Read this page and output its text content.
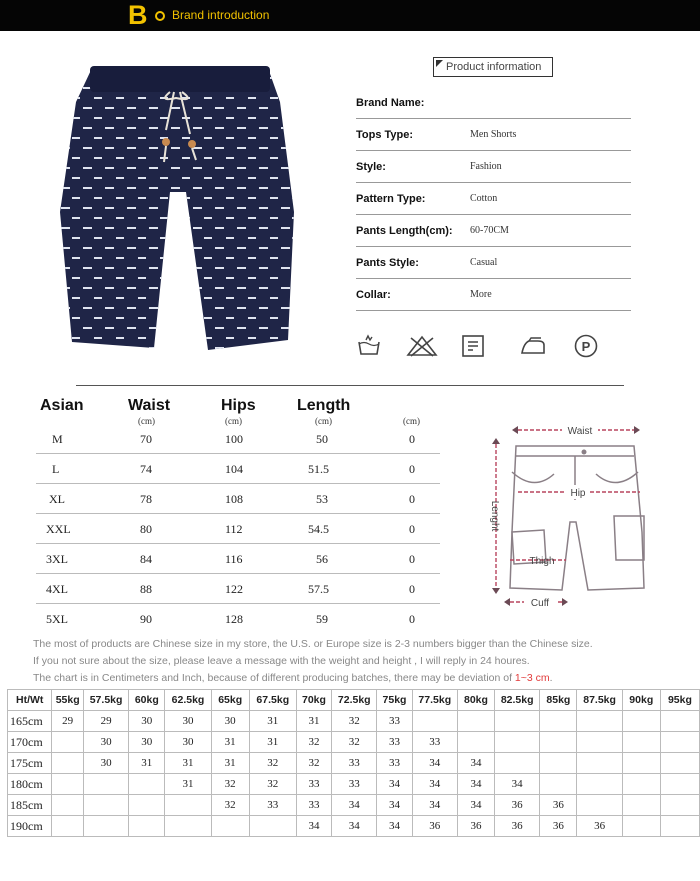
B Brand introduction
Product information
Brand Name:
Tops Type:	Men Shorts
Style:	Fashion
Pattern Type:	Cotton
Pants Length(cm): 60-70CM
Pants Style:	Casual
Collar:	More
P
Asian	Waist	Hips	Length
(cm)	(cm)	(cm)	(cm)
M	70	100	50	0
L	74	104	51.5	0
XL	78	108	53	0
XXL	80	112	54.5	0
3XL	84	116	56	0
4XL	88	122	57.5	0
5XL	90	128	59	0
Waist
Hip
Lenght
Thigh
Cuff
The most of products are Chinese size in my store, the U.S. or Europe size is 2-3 numbers bigger than the Chinese size.
If you not sure about the size, please leave a message with the weight and height , I will reply in 24 houres.
The chart is in Centimeters and Inch, because of different producing batches, there may be deviation of 1~3 cm.
Ht/Wt	55kg	57.5kg	60kg	62.5kg	65kg	67.5kg	70kg	72.5kg	75kg	77.5kg	80kg	82.5kg	85kg	87.5kg	90kg	95kg
165cm	29	29	30	30	30	31	31	32	33							
170cm		30	30	30	31	31	32	32	33	33						
175cm		30	31	31	31	32	32	33	33	34	34					
180cm				31	32	32	33	33	34	34	34	34				
185cm					32	33	33	34	34	34	34	36	36			
190cm							34	34	34	36	36	36	36	36		
